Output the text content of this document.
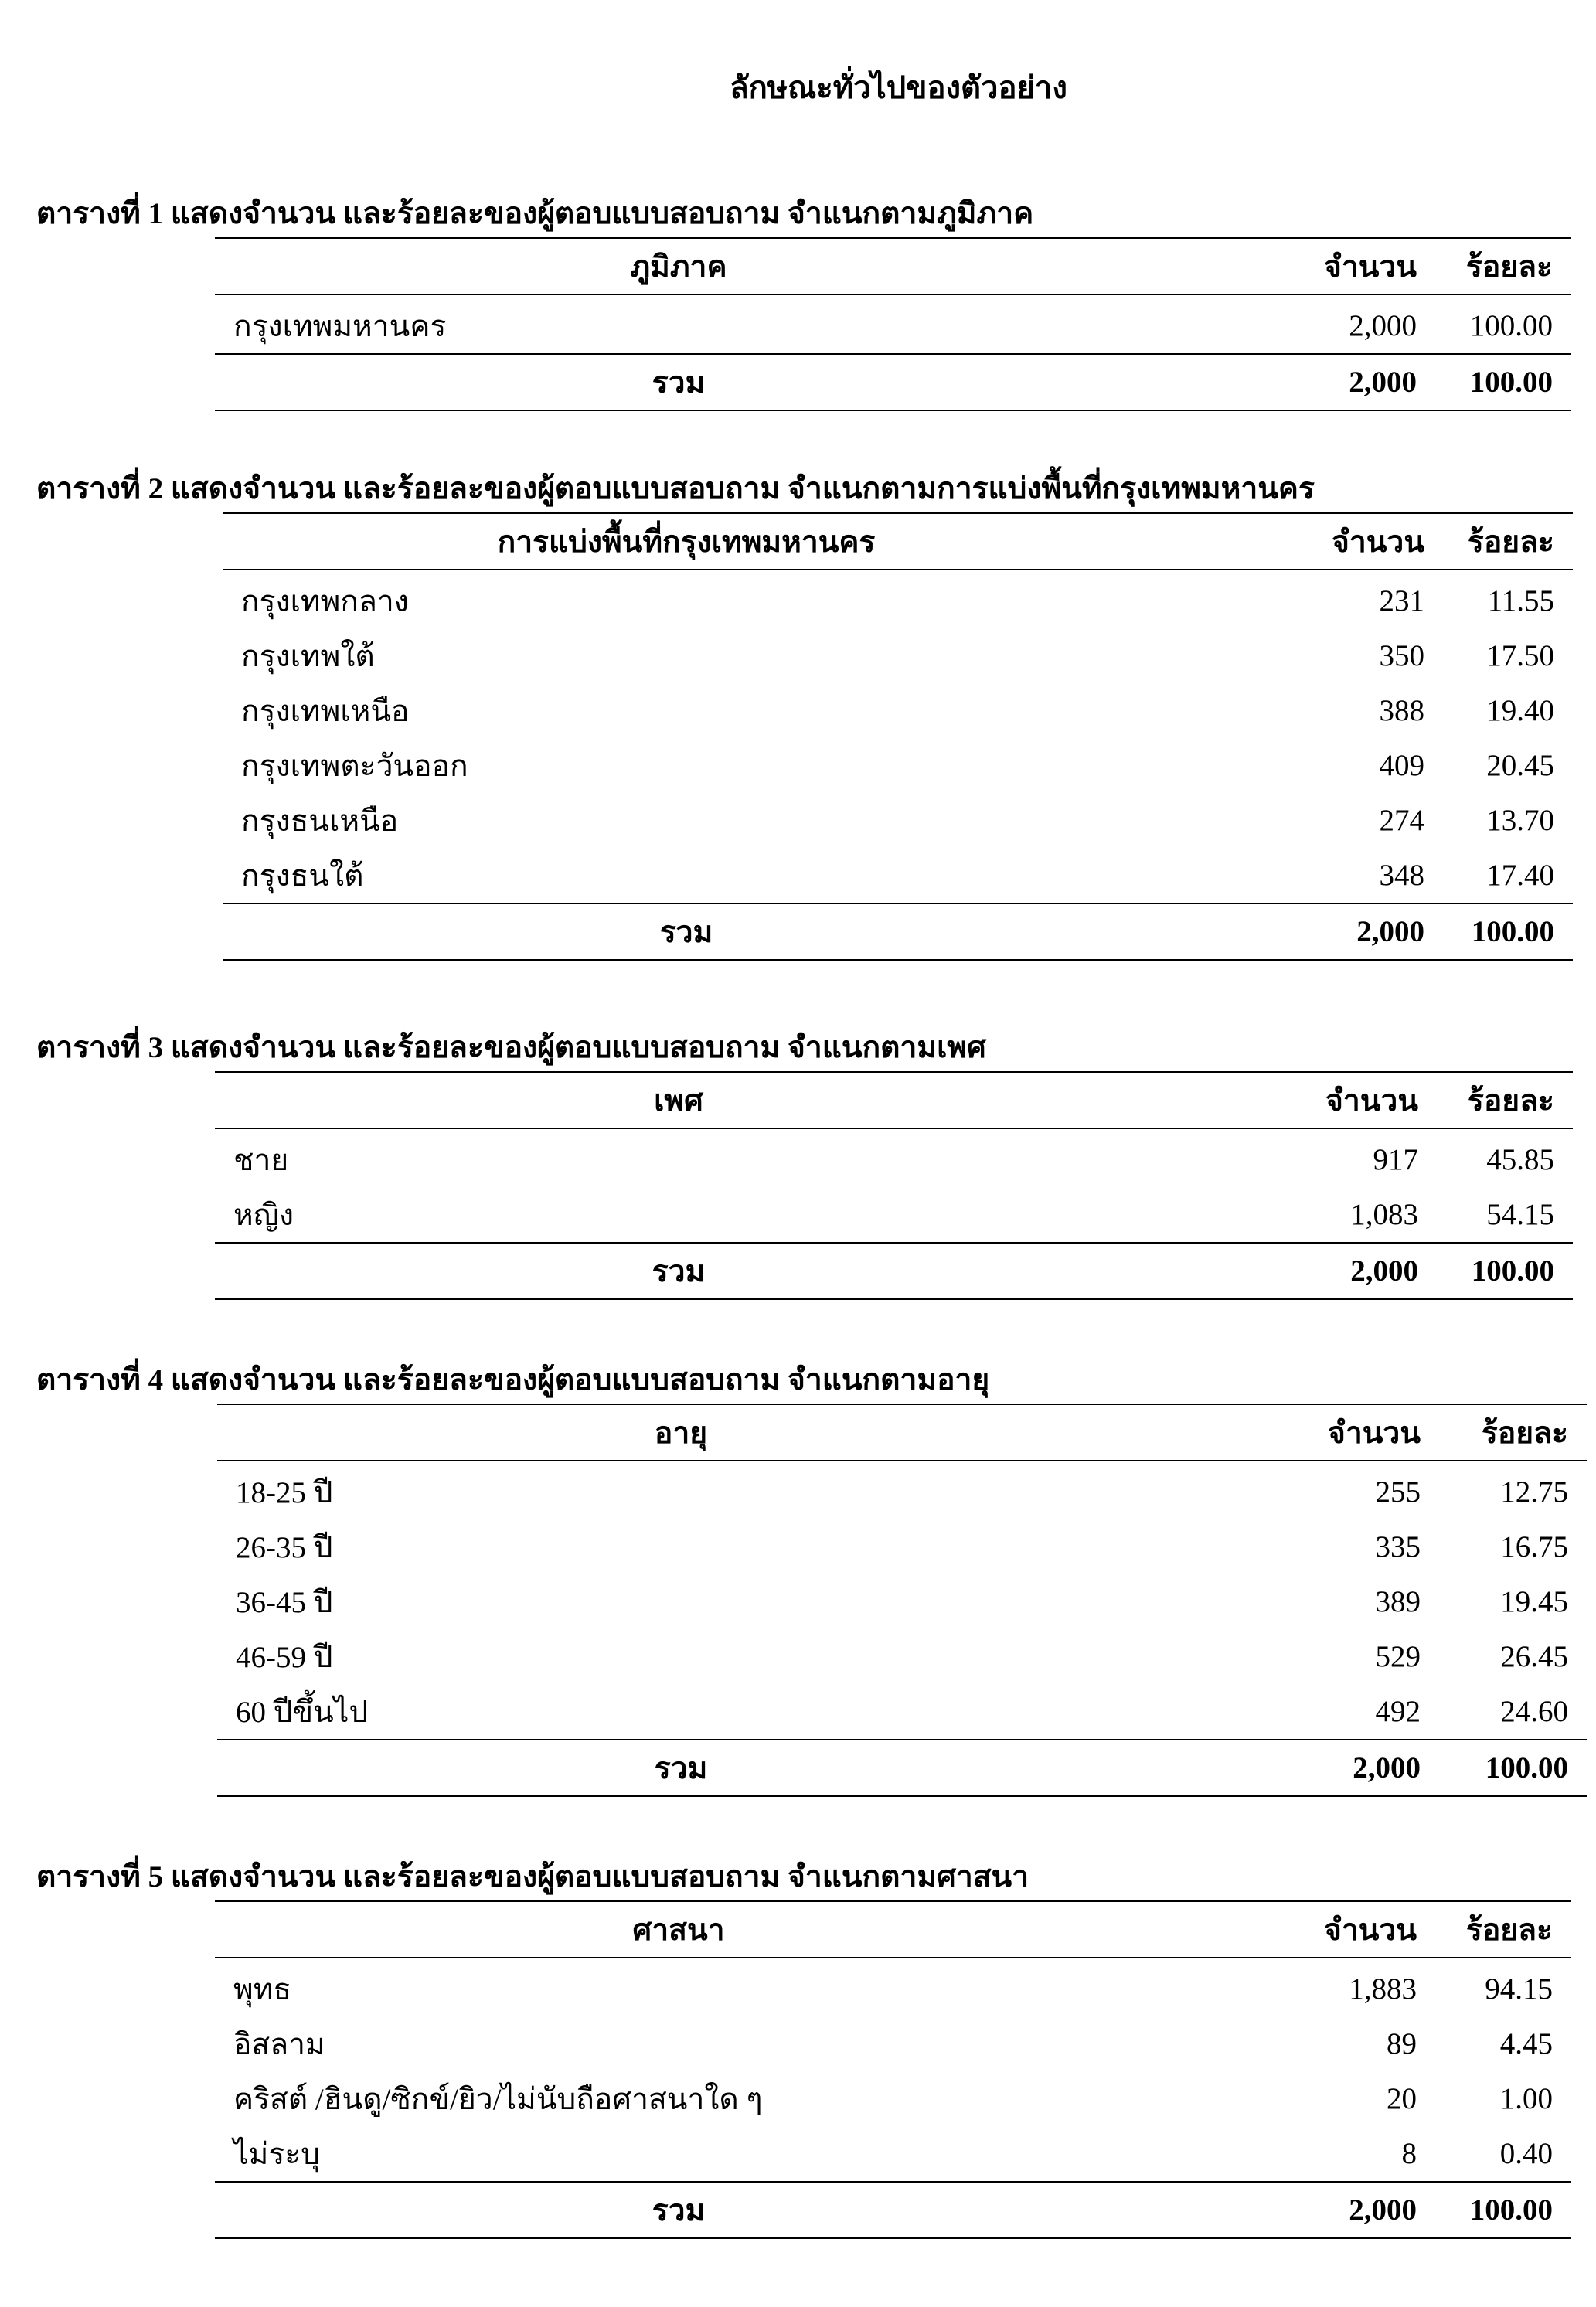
ลักษณะทั่วไปของตัวอย่าง
ตารางที่ 1 แสดงจำนวน และร้อยละของผู้ตอบแบบสอบถาม จำแนกตามภูมิภาค
ภูมิภาค	จำนวน	ร้อยละ
กรุงเทพมหานคร	2,000	100.00
รวม	2,000	100.00
ตารางที่ 2 แสดงจำนวน และร้อยละของผู้ตอบแบบสอบถาม จำแนกตามการแบ่งพื้นที่กรุงเทพมหานคร
การแบ่งพื้นที่กรุงเทพมหานคร	จำนวน	ร้อยละ
กรุงเทพกลาง	231	11.55
กรุงเทพใต้	350	17.50
กรุงเทพเหนือ	388	19.40
กรุงเทพตะวันออก	409	20.45
กรุงธนเหนือ	274	13.70
กรุงธนใต้	348	17.40
รวม	2,000	100.00
ตารางที่ 3 แสดงจำนวน และร้อยละของผู้ตอบแบบสอบถาม จำแนกตามเพศ
เพศ	จำนวน	ร้อยละ
ชาย	917	45.85
หญิง	1,083	54.15
รวม	2,000	100.00
ตารางที่ 4 แสดงจำนวน และร้อยละของผู้ตอบแบบสอบถาม จำแนกตามอายุ
อายุ	จำนวน	ร้อยละ
18-25 ปี	255	12.75
26-35 ปี	335	16.75
36-45 ปี	389	19.45
46-59 ปี	529	26.45
60 ปีขึ้นไป	492	24.60
รวม	2,000	100.00
ตารางที่ 5 แสดงจำนวน และร้อยละของผู้ตอบแบบสอบถาม จำแนกตามศาสนา
ศาสนา	จำนวน	ร้อยละ
พุทธ	1,883	94.15
อิสลาม	89	4.45
คริสต์ /ฮินดู/ซิกข์/ยิว/ไม่นับถือศาสนาใด ๆ	20	1.00
ไม่ระบุ	8	0.40
รวม	2,000	100.00
